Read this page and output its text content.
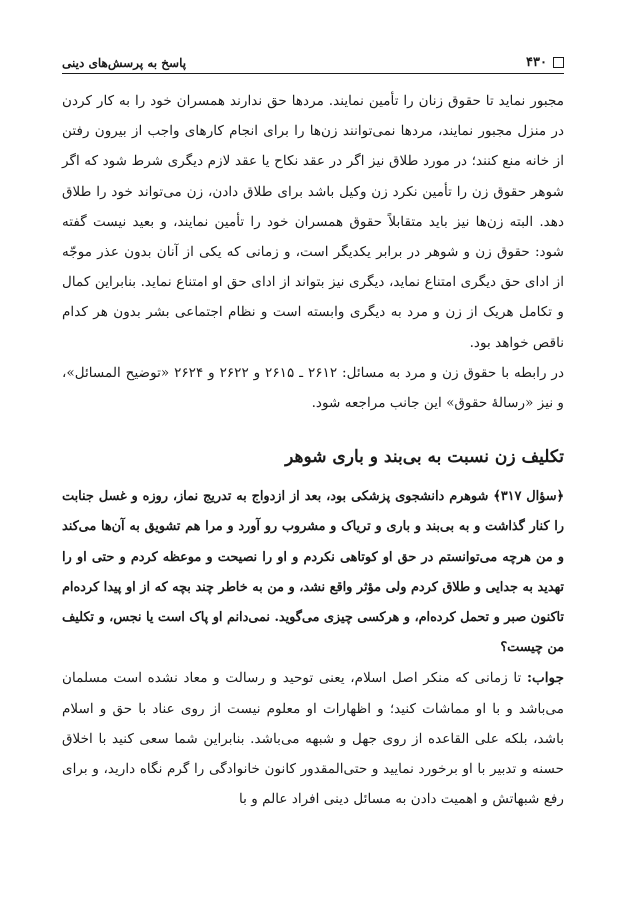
۴۳۰
پاسخ به پرسش‌های دینی

مجبور نماید تا حقوق زنان را تأمین نمایند. مردها حق ندارند همسران خود را به کار کردن در منزل مجبور نمایند، مردها نمی‌توانند زن‌ها را برای انجام کارهای واجب از بیرون رفتن از خانه منع کنند؛ در مورد طلاق نیز اگر در عقد نکاح یا عقد لازم دیگری شرط شود که اگر شوهر حقوق زن را تأمین نکرد زن وکیل باشد برای طلاق دادن، زن می‌تواند خود را طلاق دهد. البته زن‌ها نیز باید متقابلاً حقوق همسران خود را تأمین نمایند، و بعید نیست گفته شود: حقوق زن و شوهر در برابر یکدیگر است، و زمانی که یکی از آنان بدون عذر موجّه از ادای حق دیگری امتناع نماید، دیگری نیز بتواند از ادای حق او امتناع نماید. بنابراین کمال و تکامل هریک از زن و مرد به دیگری وابسته است و نظام اجتماعی بشر بدون هر کدام ناقص خواهد بود.

در رابطه با حقوق زن و مرد به مسائل: ۲۶۱۲ ـ ۲۶۱۵ و ۲۶۲۲ و ۲۶۲۴ «توضیح المسائل»، و نیز «رسالهٔ حقوق» این جانب مراجعه شود.

تکلیف زن نسبت به بی‌بند و باری شوهر

﴿سؤال ۳۱۷﴾ شوهرم دانشجوی پزشکی بود، بعد از ازدواج به تدریج نماز، روزه و غسل جنابت را کنار گذاشت و به بی‌بند و باری و تریاک و مشروب رو آورد و مرا هم تشویق به آن‌ها می‌کند و من هرچه می‌توانستم در حق او کوتاهی نکردم و او را نصیحت و موعظه کردم و حتی او را تهدید به جدایی و طلاق کردم ولی مؤثر واقع نشد، و من به خاطر چند بچه که از او پیدا کرده‌ام تاکنون صبر و تحمل کرده‌ام، و هرکسی چیزی می‌گوید. نمی‌دانم او پاک است یا نجس، و تکلیف من چیست؟

جواب: تا زمانی که منکر اصل اسلام، یعنی توحید و رسالت و معاد نشده است مسلمان می‌باشد و با او مماشات کنید؛ و اظهارات او معلوم نیست از روی عناد با حق و اسلام باشد، بلکه علی القاعده از روی جهل و شبهه می‌باشد. بنابراین شما سعی کنید با اخلاق حسنه و تدبیر با او برخورد نمایید و حتی‌المقدور کانون خانوادگی را گرم نگاه دارید، و برای رفع شبهاتش و اهمیت دادن به مسائل دینی افراد عالم و با
